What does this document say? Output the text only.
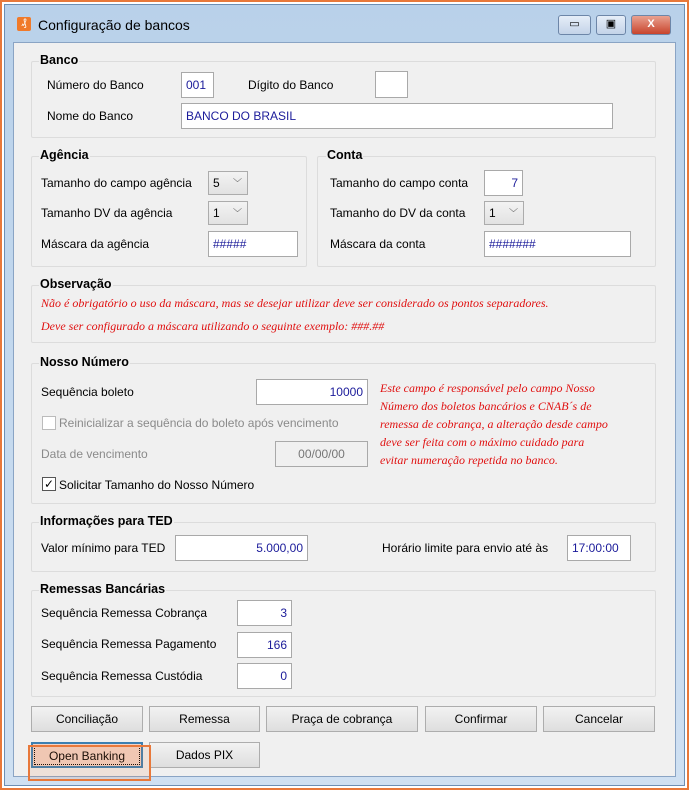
₰ Configuração de bancos	▭	▣	X
Banco
Número do Banco	001	Dígito do Banco
Nome do Banco	BANCO DO BRASIL
Agência
Tamanho do campo agência	5 ﹀
Tamanho DV da agência	1 ﹀
Máscara da agência	#####
Conta
Tamanho do campo conta	7
Tamanho do DV da conta	1 ﹀
Máscara da conta	#######
Observação
Não é obrigatório o uso da máscara, mas se desejar utilizar deve ser considerado os pontos separadores.
Deve ser configurado a máscara utilizando o seguinte exemplo: ###.##
Nosso Número
Sequência boleto	10000
Reinicializar a sequência do boleto após vencimento
Data de vencimento	00/00/00
✓ Solicitar Tamanho do Nosso Número
Este campo é responsável pelo campo Nosso
Número dos boletos bancários e CNAB´s de
remessa de cobrança, a alteração desde campo
deve ser feita com o máximo cuidado para
evitar numeração repetida no banco.
Informações para TED
Valor mínimo para TED	5.000,00	Horário limite para envio até às	17:00:00
Remessas Bancárias
Sequência Remessa Cobrança	3
Sequência Remessa Pagamento	166
Sequência Remessa Custódia	0
Conciliação	Remessa	Praça de cobrança	Confirmar	Cancelar
Open Banking	Dados PIX
